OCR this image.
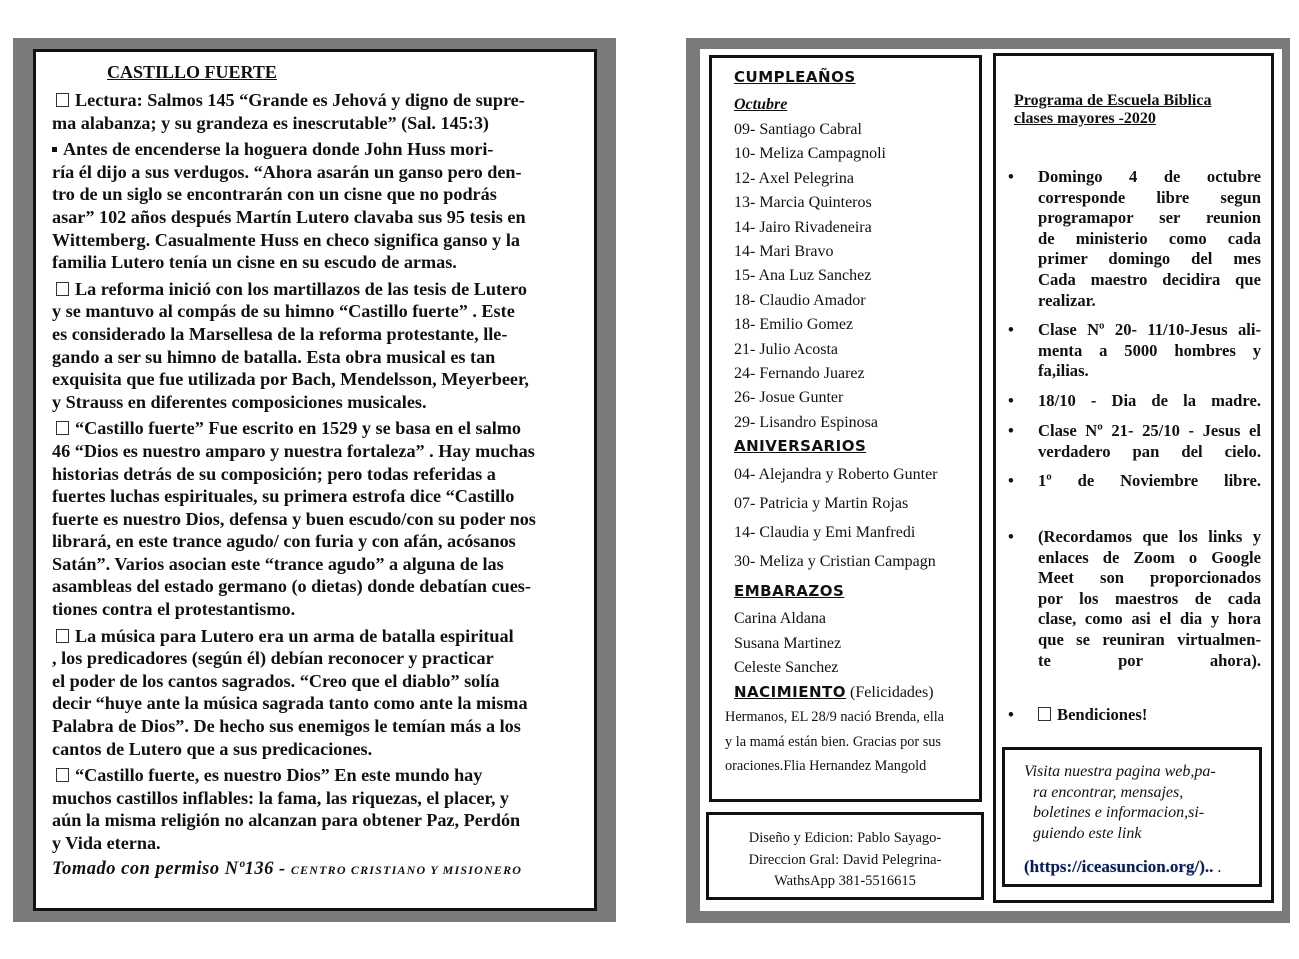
CASTILLO FUERTE
Lectura: Salmos 145 “Grande es Jehová y digno de supre-
ma alabanza; y su grandeza es inescrutable” (Sal. 145:3)
Antes de encenderse la hoguera donde John Huss mori-
ría él dijo a sus verdugos. “Ahora asarán un ganso pero den-
tro de un siglo se encontrarán con un cisne que no podrás
asar” 102 años después Martín Lutero clavaba sus 95 tesis en
Wittemberg. Casualmente Huss en checo significa ganso y la
familia Lutero tenía un cisne en su escudo de armas.
La reforma inició con los martillazos de las tesis de Lutero
y se mantuvo al compás de su himno “Castillo fuerte” . Este
es considerado la Marsellesa de la reforma protestante, lle-
gando a ser su himno de batalla. Esta obra musical es tan
exquisita que fue utilizada por Bach, Mendelsson, Meyerbeer,
y Strauss en diferentes composiciones musicales.
“Castillo fuerte” Fue escrito en 1529 y se basa en el salmo
46 “Dios es nuestro amparo y nuestra fortaleza” . Hay muchas
historias detrás de su composición; pero todas referidas a
fuertes luchas espirituales, su primera estrofa dice “Castillo
fuerte es nuestro Dios, defensa y buen escudo/con su poder nos
librará, en este trance agudo/ con furia y con afán, acósanos
Satán”. Varios asocian este “trance agudo” a alguna de las
asambleas del estado germano (o dietas) donde debatían cues-
tiones contra el protestantismo.
La música para Lutero era un arma de batalla espiritual
, los predicadores (según él) debían reconocer y practicar
el poder de los cantos sagrados. “Creo que el diablo” solía
decir “huye ante la música sagrada tanto como ante la misma
Palabra de Dios”. De hecho sus enemigos le temían más a los
cantos de Lutero que a sus predicaciones.
“Castillo fuerte, es nuestro Dios” En este mundo hay
muchos castillos inflables: la fama, las riquezas, el placer, y
aún la misma religión no alcanzan para obtener Paz, Perdón
y Vida eterna.
Tomado con permiso Nº136 - CENTRO CRISTIANO Y MISIONERO
Diseño y Edicion: Pablo Sayago-
Direccion Gral: David Pelegrina-
WathsApp 381-5516615
CUMPLEAÑOS
Octubre
09- Santiago Cabral
10- Meliza Campagnoli
12- Axel Pelegrina
13- Marcia Quinteros
14- Jairo Rivadeneira
14- Mari Bravo
15- Ana Luz Sanchez
18- Claudio Amador
18- Emilio Gomez
21- Julio Acosta
24- Fernando Juarez
26- Josue Gunter
29- Lisandro Espinosa
ANIVERSARIOS
04- Alejandra y Roberto Gunter
07- Patricia y Martin Rojas
14- Claudia y Emi Manfredi
30- Meliza y Cristian Campagn
EMBARAZOS
Carina Aldana
Susana Martinez
Celeste Sanchez
NACIMIENTO (Felicidades)
Hermanos, EL 28/9 nació Brenda, ella
y la mamá están bien. Gracias por sus
oraciones.Flia Hernandez Mangold
Programa de Escuela Biblica
clases mayores -2020
• Domingo 4 de octubre
corresponde libre segun
programapor ser reunion
de ministerio como cada
primer domingo del mes
Cada maestro decidira que
realizar.
• Clase Nº 20- 11/10-Jesus ali-
menta a 5000 hombres y
fa,ilias.
• 18/10 - Dia de la madre.
• Clase Nº 21- 25/10 - Jesus el
verdadero pan del cielo.
• 1º de Noviembre libre.
• (Recordamos que los links y
enlaces de Zoom o Google
Meet son proporcionados
por los maestros de cada
clase, como asi el dia y hora
que se reuniran virtualmen-
te por ahora).
•	Bendiciones!
Visita nuestra pagina web,pa-
ra encontrar, mensajes,
boletines e informacion,si-
guiendo este link
(https://iceasuncion.org/).. .
